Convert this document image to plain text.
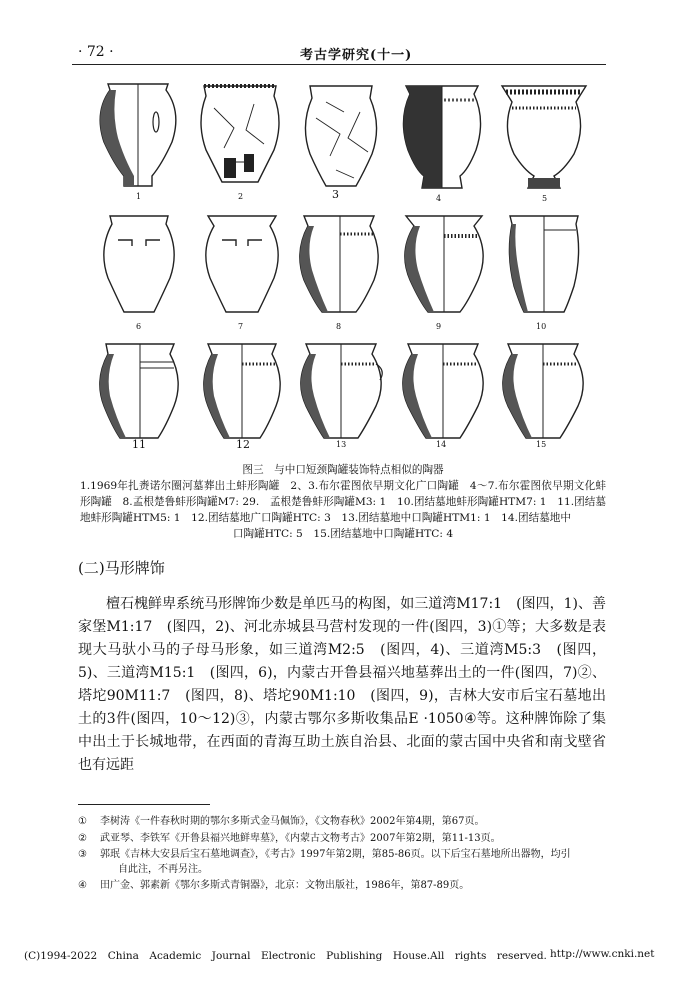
· 72 ·	考古学研究(十一)
1	2	3	4	5
6	7	8	9	10
11	12	13	14	15
图三　与中口短颈陶罐装饰特点相似的陶器
1.1969年扎赉诺尔圈河墓葬出土蚌形陶罐　2、3.布尔霍图依早期文化广口陶罐　4～7.布尔霍图依早期文化蚌形陶罐　8.孟根楚鲁蚌形陶罐M7: 29.　孟根楚鲁蚌形陶罐M3: 1　10.团结墓地蚌形陶罐HTM7: 1　11.团结墓地蚌形陶罐HTM5: 1　12.团结墓地广口陶罐HTC: 3　13.团结墓地中口陶罐HTM1: 1　14.团结墓地中
口陶罐HTC: 5　15.团结墓地中口陶罐HTC: 4
(二)马形牌饰
檀石槐鲜卑系统马形牌饰少数是单匹马的构图，如三道湾M17:1　(图四，1)、善家堡M1:17　(图四，2)、河北赤城县马营村发现的一件(图四，3)①等；大多数是表现大马驮小马的子母马形象，如三道湾M2:5　(图四，4)、三道湾M5:3　(图四，5)、三道湾M15:1　(图四，6)，内蒙古开鲁县福兴地墓葬出土的一件(图四，7)②、塔坨90M11:7　(图四，8)、塔坨90M1:10　(图四，9)，吉林大安市后宝石墓地出土的3件(图四，10～12)③，内蒙古鄂尔多斯收集品E ·1050④等。这种牌饰除了集中出土于长城地带，在西面的青海互助土族自治县、北面的蒙古国中央省和南戈壁省也有远距
① 李树涛《一件春秋时期的鄂尔多斯式金马佩饰》，《文物春秋》2002年第4期，第67页。
② 武亚琴、李铁军《开鲁县福兴地鲜卑墓》，《内蒙古文物考古》2007年第2期，第11-13页。
③ 郭珉《吉林大安县后宝石墓地调查》，《考古》1997年第2期，第85-86页。以下后宝石墓地所出器物，均引
自此注，不再另注。
④ 田广金、郭素新《鄂尔多斯式青铜器》，北京：文物出版社，1986年，第87-89页。
(C)1994-2022　China　Academic　Journal　Electronic　Publishing　House.All　rights　reserved. http://www.cnki.net
